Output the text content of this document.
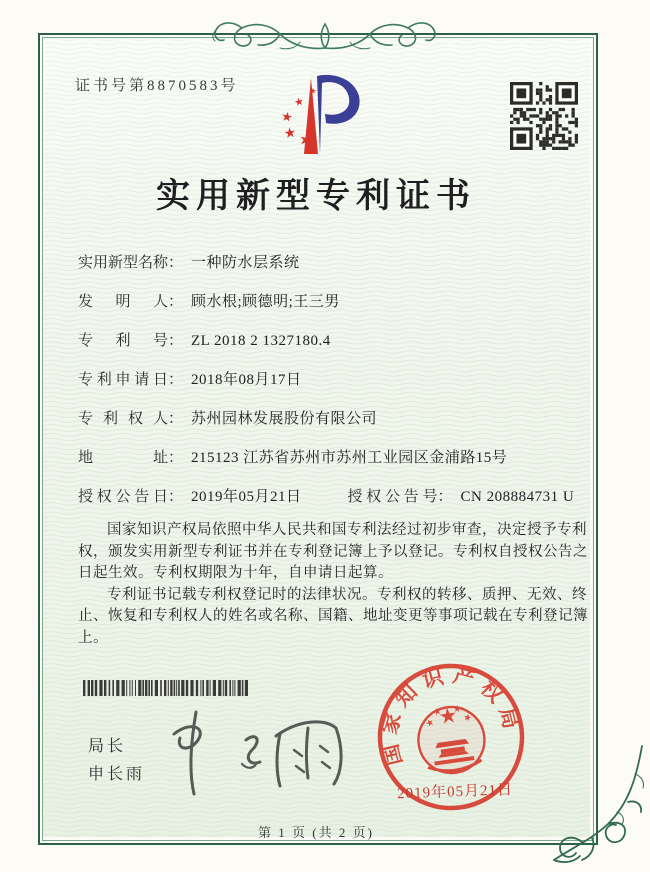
证书号第8870583号
实用新型专利证书
实用新型名称： 一种防水层系统
发明人： 顾水根;顾德明;王三男
专利号： ZL 2018 2 1327180.4
专利申请日： 2018年08月17日
专利权人： 苏州园林发展股份有限公司
地址： 215123 江苏省苏州市苏州工业园区金浦路15号
授权公告日： 2019年05月21日	授权公告号： CN 208884731 U

国家知识产权局依照中华人民共和国专利法经过初步审查，决定授予专利权，颁发实用新型专利证书并在专利登记簿上予以登记。专利权自授权公告之日起生效。专利权期限为十年，自申请日起算。

专利证书记载专利权登记时的法律状况。专利权的转移、质押、无效、终止、恢复和专利权人的姓名或名称、国籍、地址变更等事项记载在专利登记簿上。

局长
申长雨
国家知识产权局
2019年05月21日
第 1 页 (共 2 页)
